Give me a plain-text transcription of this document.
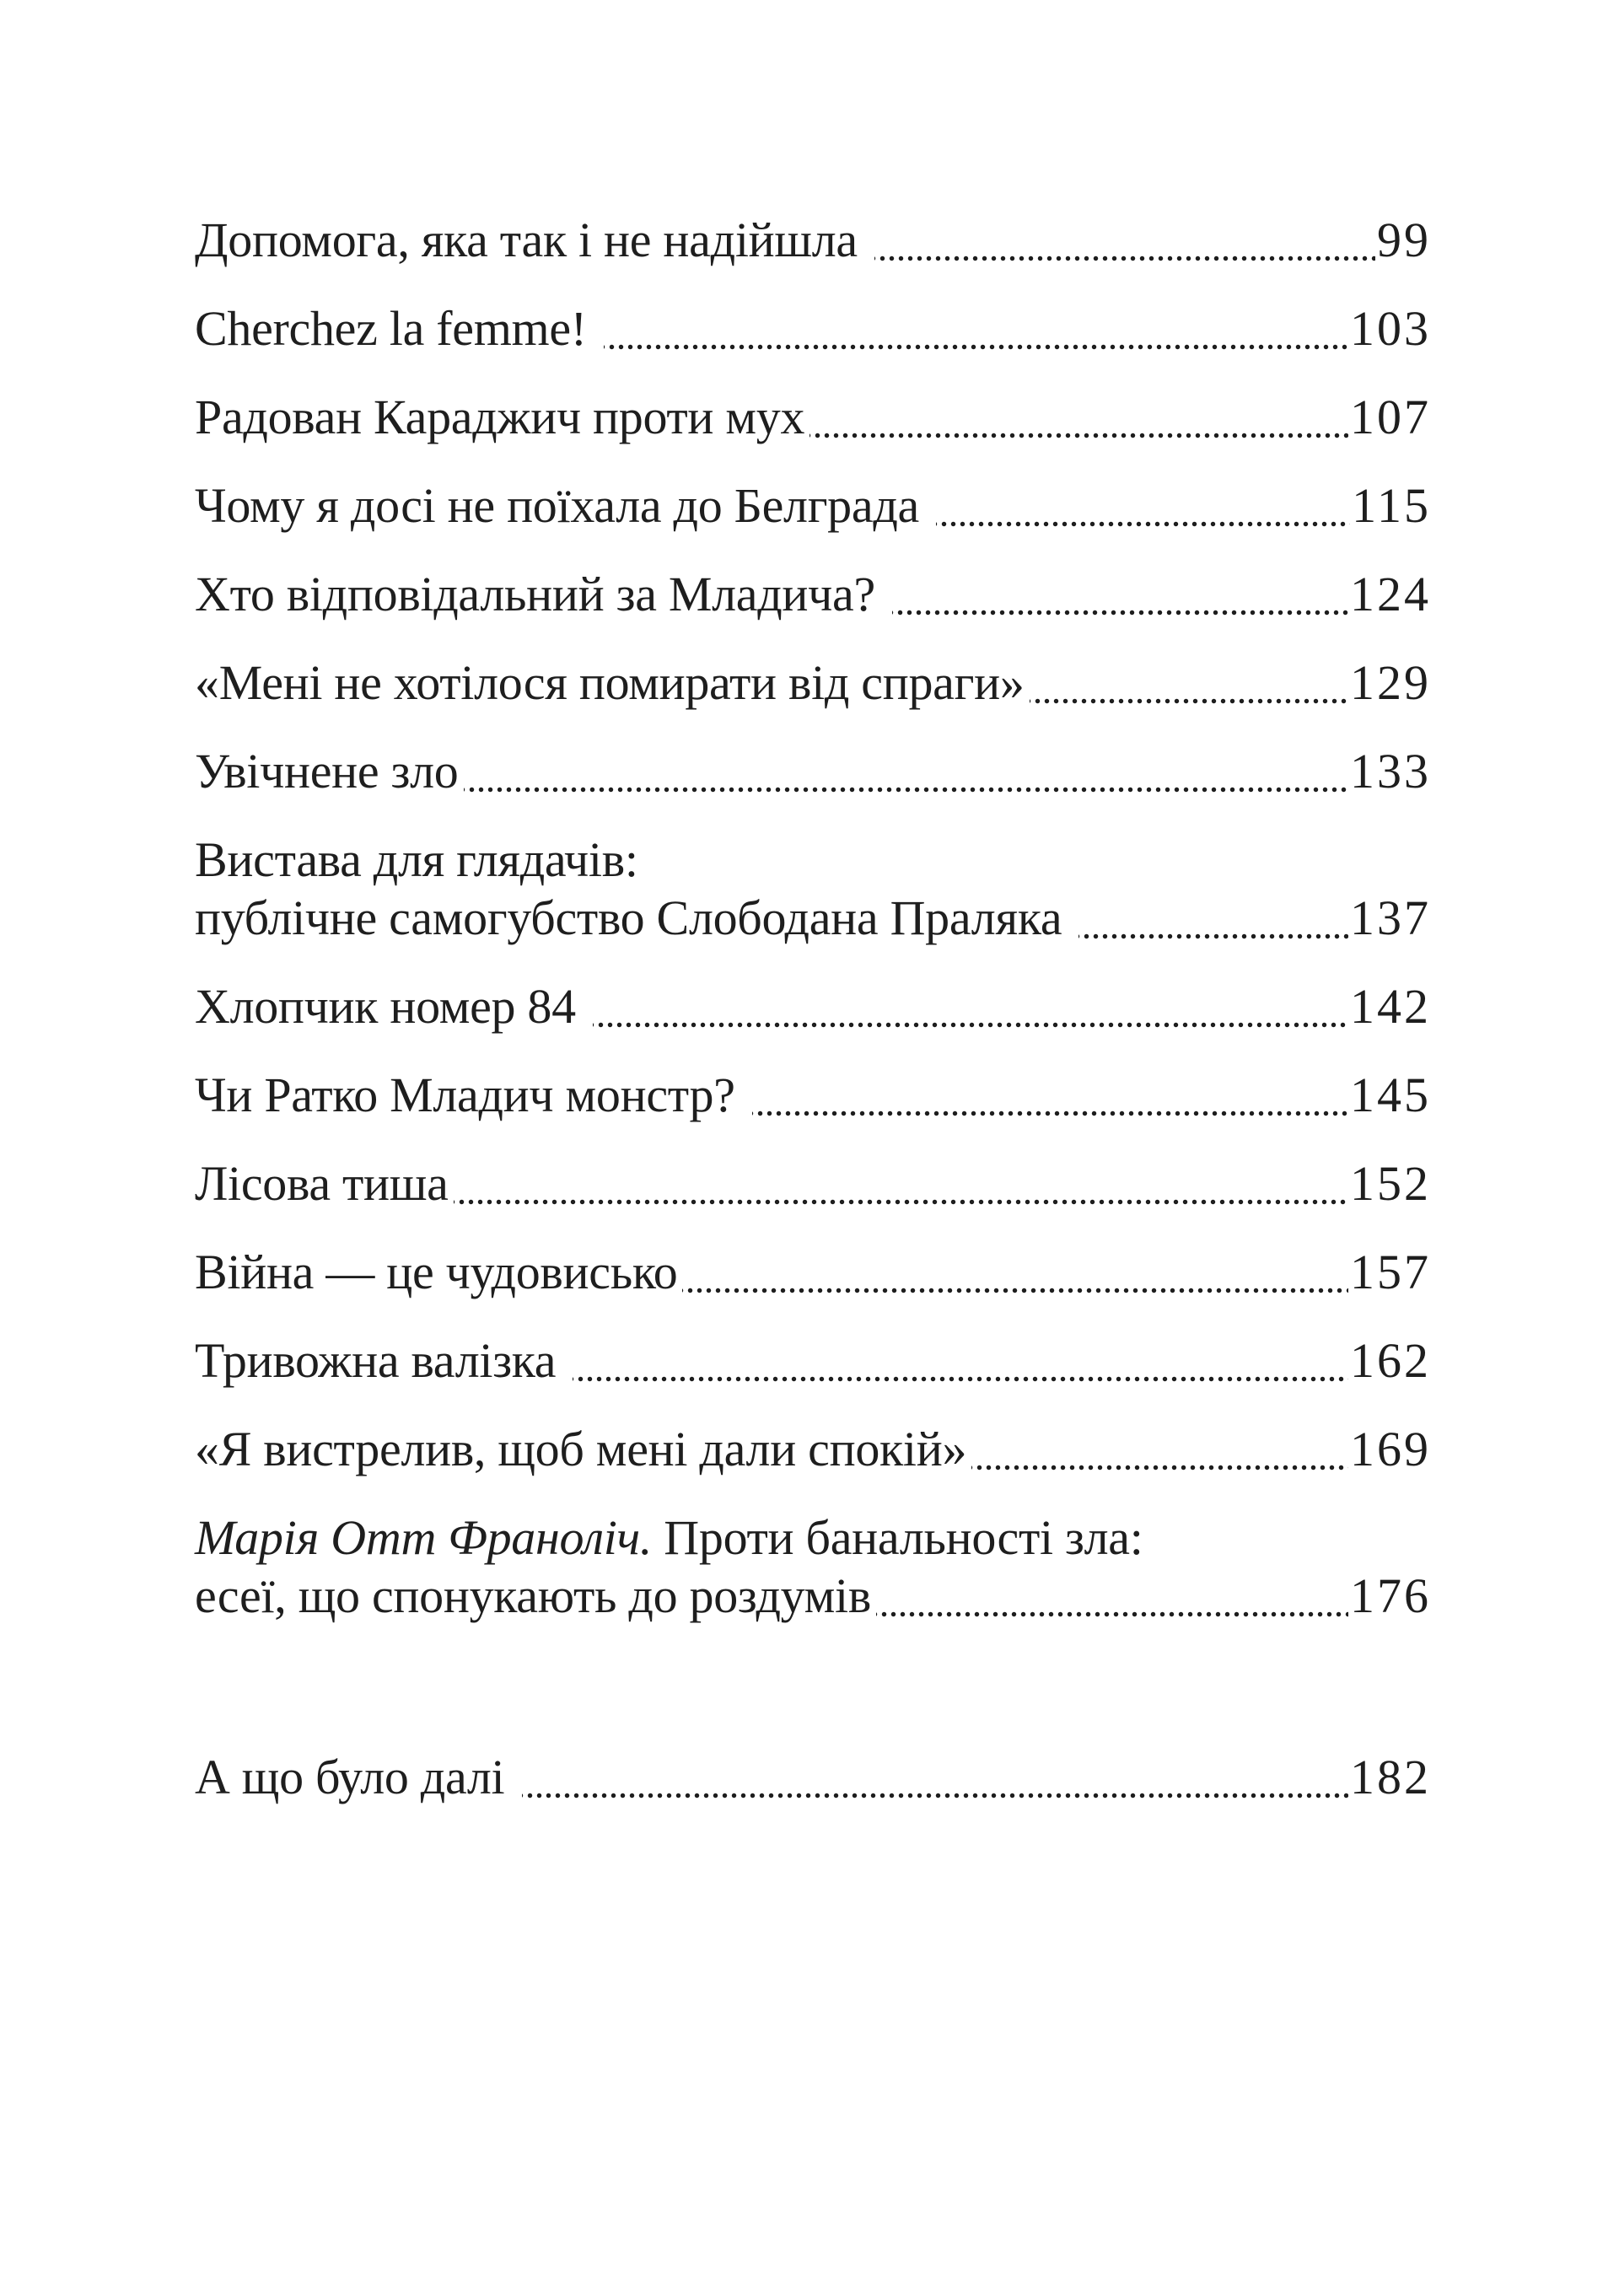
Допомога, яка так і не надійшла	99
Cherchez la femme!	103
Радован Караджич проти мух	107
Чому я досі не поїхала до Белграда	115
Хто відповідальний за Младича?	124
«Мені не хотілося помирати від спраги»	129
Увічнене зло	133
Вистава для глядачів:
публічне самогубство Слободана Праляка	137
Хлопчик номер 84	142
Чи Ратко Младич монстр?	145
Лісова тиша	152
Війна — це чудовисько	157
Тривожна валізка	162
«Я вистрелив, щоб мені дали спокій»	169
Марія Отт Франоліч. Проти банальності зла:
есеї, що спонукають до роздумів	176
А що було далі	182
